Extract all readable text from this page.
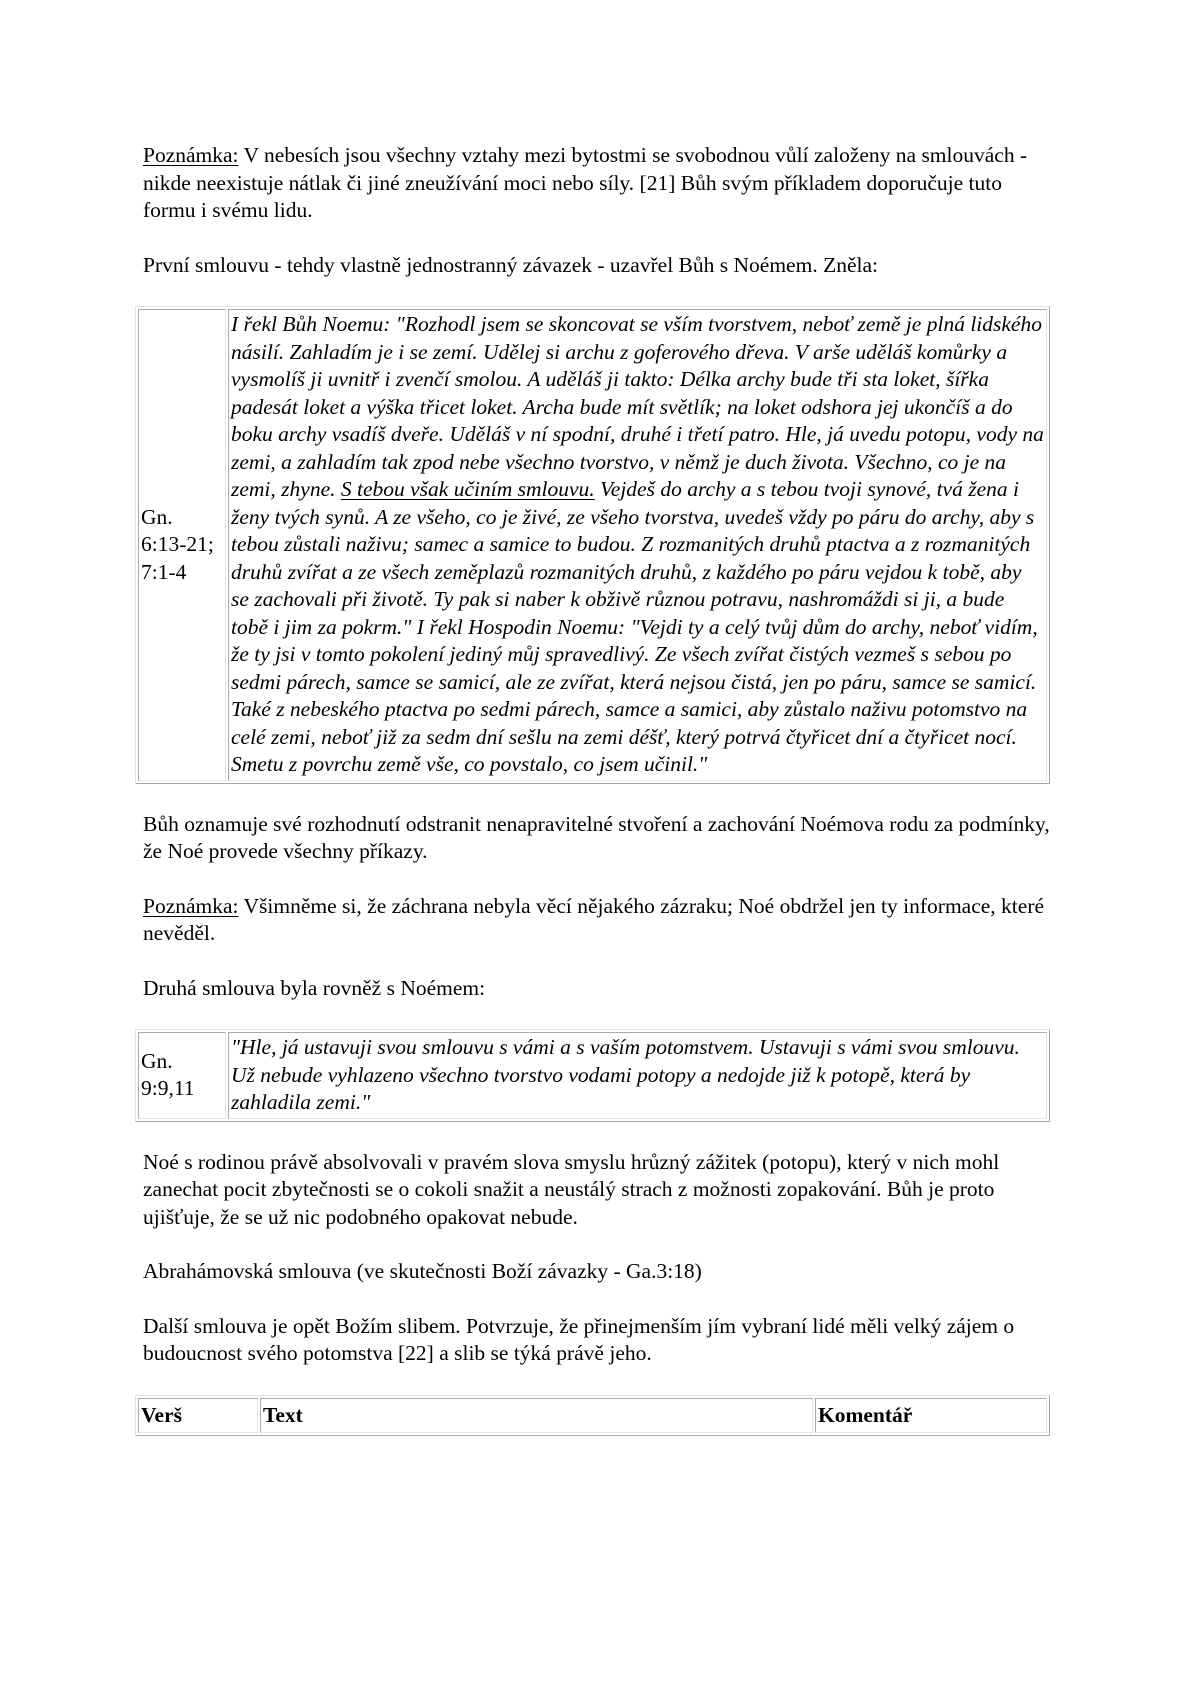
Poznámka: V nebesích jsou všechny vztahy mezi bytostmi se svobodnou vůlí založeny na smlouvách - nikde neexistuje nátlak či jiné zneužívání moci nebo síly. [21] Bůh svým příkladem doporučuje tuto formu i svému lidu.

První smlouvu - tehdy vlastně jednostranný závazek - uzavřel Bůh s Noémem. Zněla:

Gn. 6:13-21; 7:1-4	I řekl Bůh Noemu: "Rozhodl jsem se skoncovat se vším tvorstvem, neboť země je plná lidského násilí. Zahladím je i se zemí. Udělej si archu z goferového dřeva. V arše uděláš komůrky a vysmolíš ji uvnitř i zvenčí smolou. A uděláš ji takto: Délka archy bude tři sta loket, šířka padesát loket a výška třicet loket. Archa bude mít světlík; na loket odshora jej ukončíš a do boku archy vsadíš dveře. Uděláš v ní spodní, druhé i třetí patro. Hle, já uvedu potopu, vody na zemi, a zahladím tak zpod nebe všechno tvorstvo, v němž je duch života. Všechno, co je na zemi, zhyne. S tebou však učiním smlouvu. Vejdeš do archy a s tebou tvoji synové, tvá žena i ženy tvých synů. A ze všeho, co je živé, ze všeho tvorstva, uvedeš vždy po páru do archy, aby s tebou zůstali naživu; samec a samice to budou. Z rozmanitých druhů ptactva a z rozmanitých druhů zvířat a ze všech zeměplazů rozmanitých druhů, z každého po páru vejdou k tobě, aby se zachovali při životě. Ty pak si naber k obživě různou potravu, nashromáždi si ji, a bude tobě i jim za pokrm." I řekl Hospodin Noemu: "Vejdi ty a celý tvůj dům do archy, neboť vidím, že ty jsi v tomto pokolení jediný můj spravedlivý. Ze všech zvířat čistých vezmeš s sebou po sedmi párech, samce se samicí, ale ze zvířat, která nejsou čistá, jen po páru, samce se samicí. Také z nebeského ptactva po sedmi párech, samce a samici, aby zůstalo naživu potomstvo na celé zemi, neboť již za sedm dní sešlu na zemi déšť, který potrvá čtyřicet dní a čtyřicet nocí. Smetu z povrchu země vše, co povstalo, co jsem učinil."

Bůh oznamuje své rozhodnutí odstranit nenapravitelné stvoření a zachování Noémova rodu za podmínky, že Noé provede všechny příkazy.

Poznámka: Všimněme si, že záchrana nebyla věcí nějakého zázraku; Noé obdržel jen ty informace, které nevěděl.

Druhá smlouva byla rovněž s Noémem:

Gn. 9:9,11	"Hle, já ustavuji svou smlouvu s vámi a s vaším potomstvem. Ustavuji s vámi svou smlouvu. Už nebude vyhlazeno všechno tvorstvo vodami potopy a nedojde již k potopě, která by zahladila zemi."

Noé s rodinou právě absolvovali v pravém slova smyslu hrůzný zážitek (potopu), který v nich mohl zanechat pocit zbytečnosti se o cokoli snažit a neustálý strach z možnosti zopakování. Bůh je proto ujišťuje, že se už nic podobného opakovat nebude.

Abrahámovská smlouva (ve skutečnosti Boží závazky - Ga.3:18)

Další smlouva je opět Božím slibem. Potvrzuje, že přinejmenším jím vybraní lidé měli velký zájem o budoucnost svého potomstva [22] a slib se týká právě jeho.

Verš	Text	Komentář
